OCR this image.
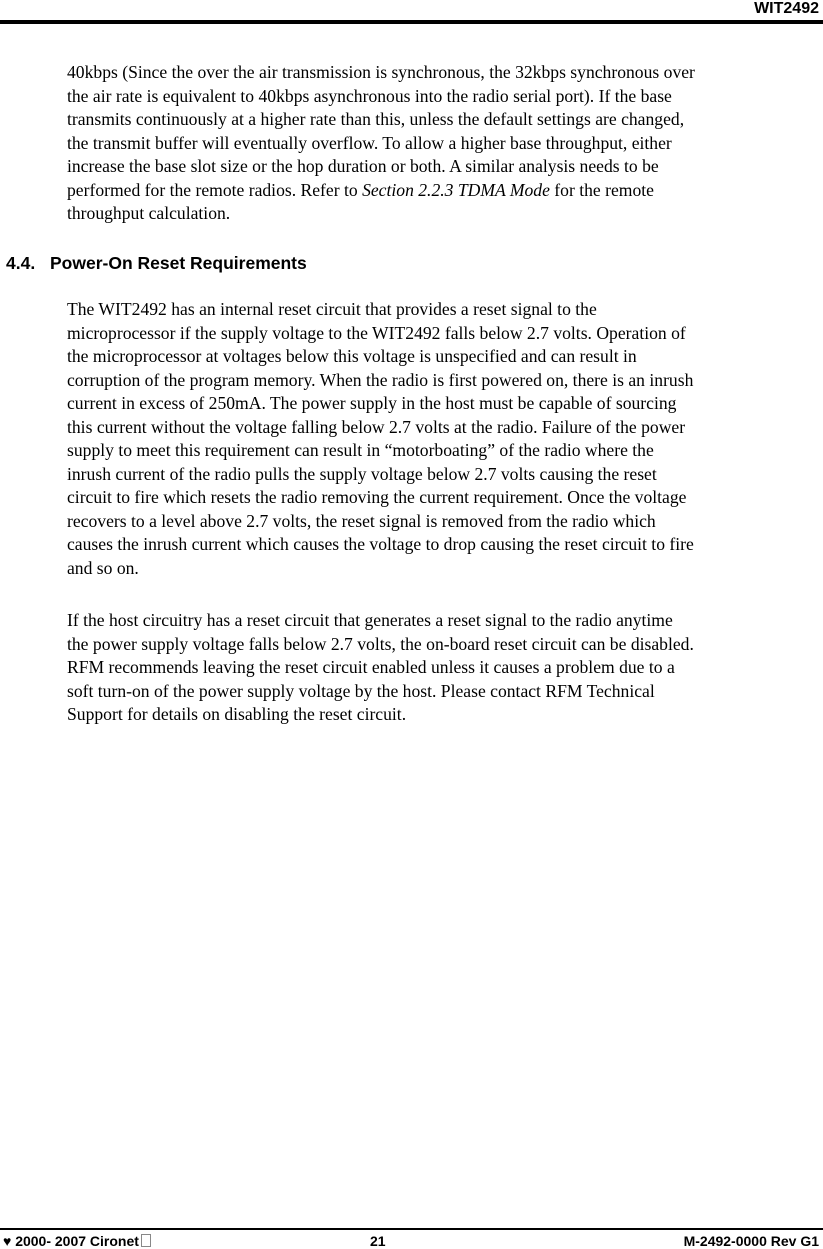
WIT2492
40kbps (Since the over the air transmission is synchronous, the 32kbps synchronous over
the air rate is equivalent to 40kbps asynchronous into the radio serial port). If the base
transmits continuously at a higher rate than this, unless the default settings are changed,
the transmit buffer will eventually overflow. To allow a higher base throughput, either
increase the base slot size or the hop duration or both. A similar analysis needs to be
performed for the remote radios. Refer to Section 2.2.3 TDMA Mode for the remote
throughput calculation.
4.4. Power-On Reset Requirements
The WIT2492 has an internal reset circuit that provides a reset signal to the
microprocessor if the supply voltage to the WIT2492 falls below 2.7 volts. Operation of
the microprocessor at voltages below this voltage is unspecified and can result in
corruption of the program memory. When the radio is first powered on, there is an inrush
current in excess of 250mA. The power supply in the host must be capable of sourcing
this current without the voltage falling below 2.7 volts at the radio. Failure of the power
supply to meet this requirement can result in “motorboating” of the radio where the
inrush current of the radio pulls the supply voltage below 2.7 volts causing the reset
circuit to fire which resets the radio removing the current requirement. Once the voltage
recovers to a level above 2.7 volts, the reset signal is removed from the radio which
causes the inrush current which causes the voltage to drop causing the reset circuit to fire
and so on.
If the host circuitry has a reset circuit that generates a reset signal to the radio anytime
the power supply voltage falls below 2.7 volts, the on-board reset circuit can be disabled.
RFM recommends leaving the reset circuit enabled unless it causes a problem due to a
soft turn-on of the power supply voltage by the host. Please contact RFM Technical
Support for details on disabling the reset circuit.
♥ 2000- 2007 Cironet	21	M-2492-0000 Rev G1
